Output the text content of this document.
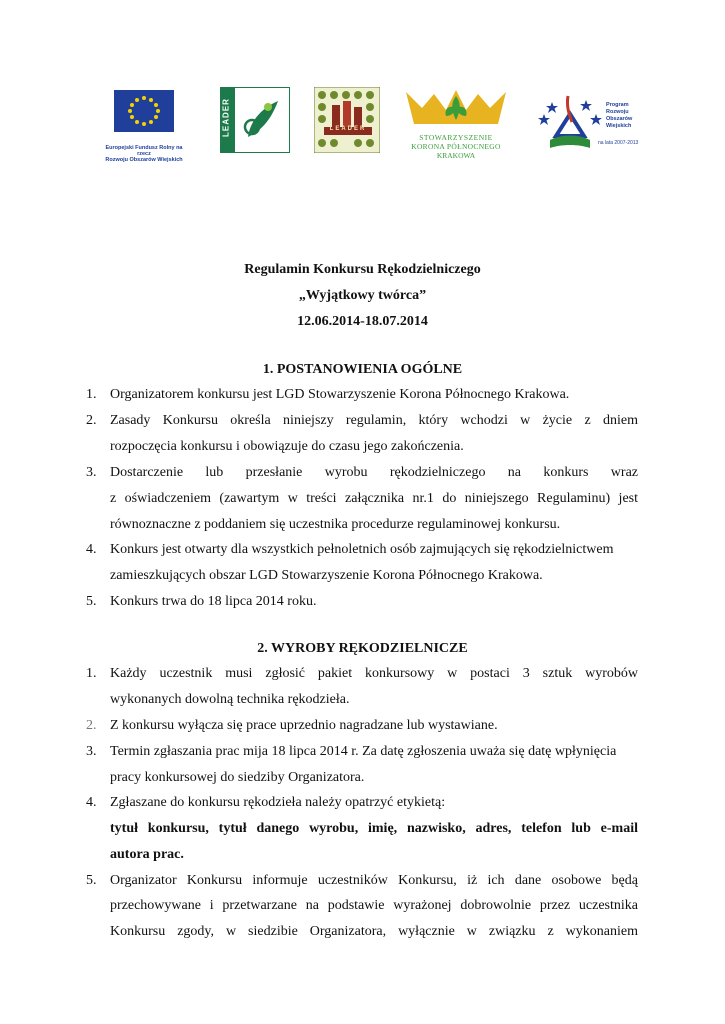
Europejski Fundusz Rolny na rzecz
Rozwoju Obszarów Wiejskich
LEADER	LEADER
STOWARZYSZENIE
KORONA PÓŁNOCNEGO
KRAKOWA
Program
Rozwoju
Obszarów
Wiejskich
na lata 2007-2013
Regulamin Konkursu Rękodzielniczego
„Wyjątkowy twórca”
12.06.2014-18.07.2014
1. POSTANOWIENIA OGÓLNE
1. Organizatorem konkursu jest LGD Stowarzyszenie Korona Północnego Krakowa.
2. Zasady Konkursu określa niniejszy regulamin, który wchodzi w życie z dniem
rozpoczęcia konkursu i obowiązuje do czasu jego zakończenia.
3. Dostarczenie lub przesłanie wyrobu rękodzielniczego na konkurs wraz
z oświadczeniem (zawartym w treści załącznika nr.1 do niniejszego Regulaminu) jest
równoznaczne z poddaniem się uczestnika procedurze regulaminowej konkursu.
4. Konkurs jest otwarty dla wszystkich pełnoletnich osób zajmujących się rękodzielnictwem
zamieszkujących obszar LGD Stowarzyszenie Korona Północnego Krakowa.
5. Konkurs trwa do 18 lipca 2014 roku.
2. WYROBY RĘKODZIELNICZE
1. Każdy uczestnik musi zgłosić pakiet konkursowy w postaci 3 sztuk wyrobów
wykonanych dowolną technika rękodzieła.
2. Z konkursu wyłącza się prace uprzednio nagradzane lub wystawiane.
3. Termin zgłaszania prac mija 18 lipca 2014 r. Za datę zgłoszenia uważa się datę wpłynięcia
pracy konkursowej do siedziby Organizatora.
4. Zgłaszane do konkursu rękodzieła należy opatrzyć etykietą:
tytuł konkursu, tytuł danego wyrobu, imię, nazwisko, adres, telefon lub e-mail
autora prac.
5. Organizator Konkursu informuje uczestników Konkursu, iż ich dane osobowe będą
przechowywane i przetwarzane na podstawie wyrażonej dobrowolnie przez uczestnika
Konkursu zgody, w siedzibie Organizatora, wyłącznie w związku z wykonaniem
